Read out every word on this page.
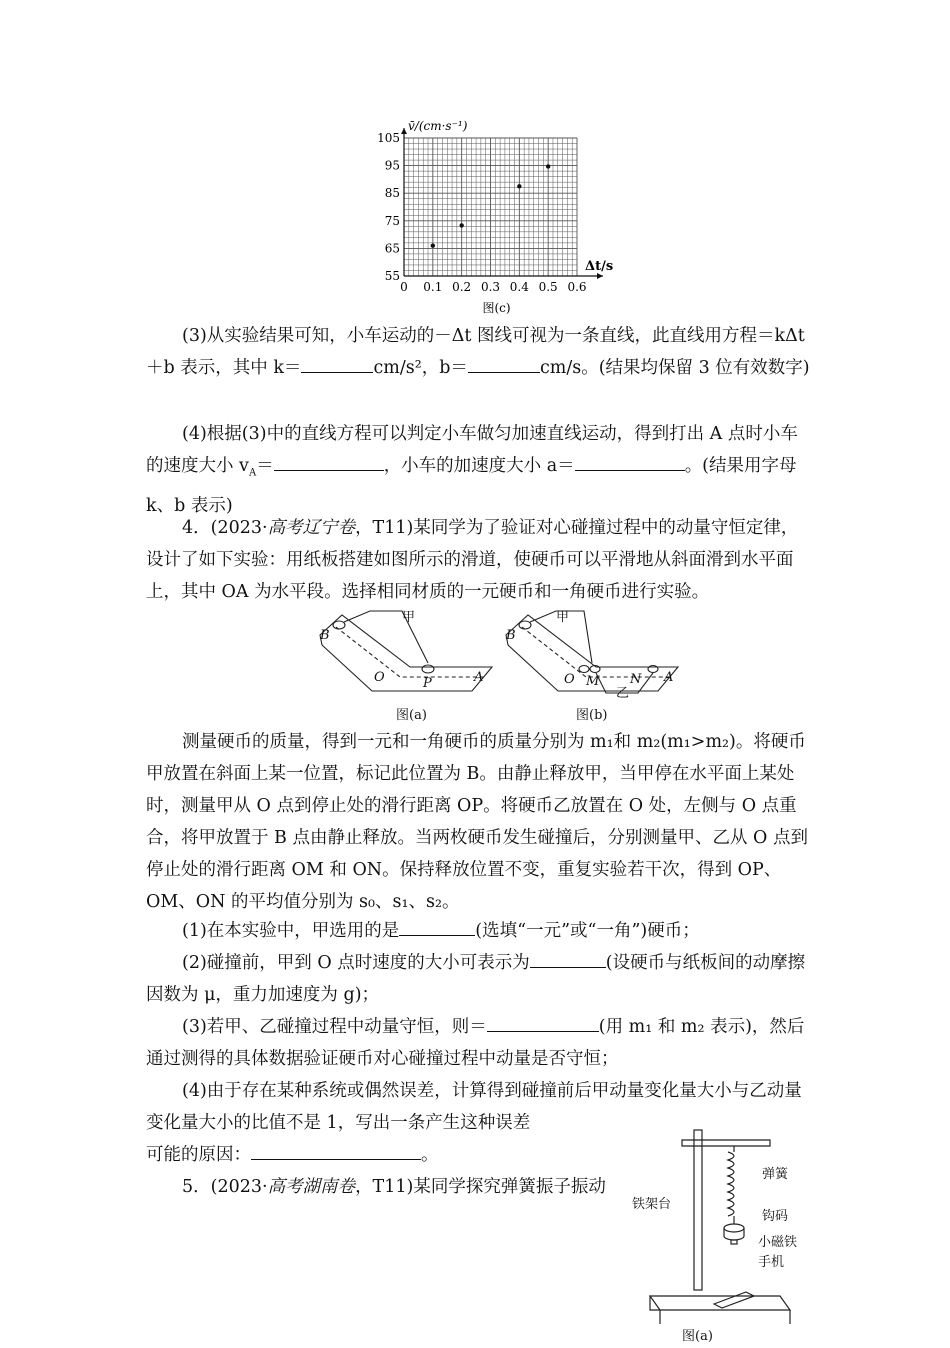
105
95
85
75
65
55
0 0.1 0.2 0.3 0.4 0.5 0.6
v̄/(cm·s⁻¹)
Δt/s
图(c)
(3)从实验结果可知，小车运动的－Δt 图线可视为一条直线，此直线用方程＝kΔt＋b 表示，其中 k＝	cm/s²，b＝	cm/s。(结果均保留 3 位有效数字)
(4)根据(3)中的直线方程可以判定小车做匀加速直线运动，得到打出 A 点时小车的速度大小 $v_A=$	，小车的加速度大小 a＝	。(结果用字母 k、b 表示)
4．(2023·高考辽宁卷，T11)某同学为了验证对心碰撞过程中的动量守恒定律，设计了如下实验：用纸板搭建如图所示的滑道，使硬币可以平滑地从斜面滑到水平面上，其中 OA 为水平段。选择相同材质的一元硬币和一角硬币进行实验。
甲
B
O	P	A
甲
B
O M N A
乙
图(a)	图(b)
测量硬币的质量，得到一元和一角硬币的质量分别为 m₁和 m₂(m₁>m₂)。将硬币甲放置在斜面上某一位置，标记此位置为 B。由静止释放甲，当甲停在水平面上某处时，测量甲从 O 点到停止处的滑行距离 OP。将硬币乙放置在 O 处，左侧与 O 点重合，将甲放置于 B 点由静止释放。当两枚硬币发生碰撞后，分别测量甲、乙从 O 点到停止处的滑行距离 OM 和 ON。保持释放位置不变，重复实验若干次，得到 OP、OM、ON 的平均值分别为 s₀、s₁、s₂。
(1)在本实验中，甲选用的是	(选填“一元”或“一角”)硬币；
(2)碰撞前，甲到 O 点时速度的大小可表示为	(设硬币与纸板间的动摩擦因数为 μ，重力加速度为 g)；
(3)若甲、乙碰撞过程中动量守恒，则＝	(用 m₁ 和 m₂ 表示)，然后通过测得的具体数据验证硬币对心碰撞过程中动量是否守恒；
(4)由于存在某种系统或偶然误差，计算得到碰撞前后甲动量变化量大小与乙动量变化量大小的比值不是 1，写出一条产生这种误差
可能的原因：	。
5．(2023·高考湖南卷，T11)某同学探究弹簧振子振动
弹簧
铁架台
钩码
小磁铁
手机
图(a)
